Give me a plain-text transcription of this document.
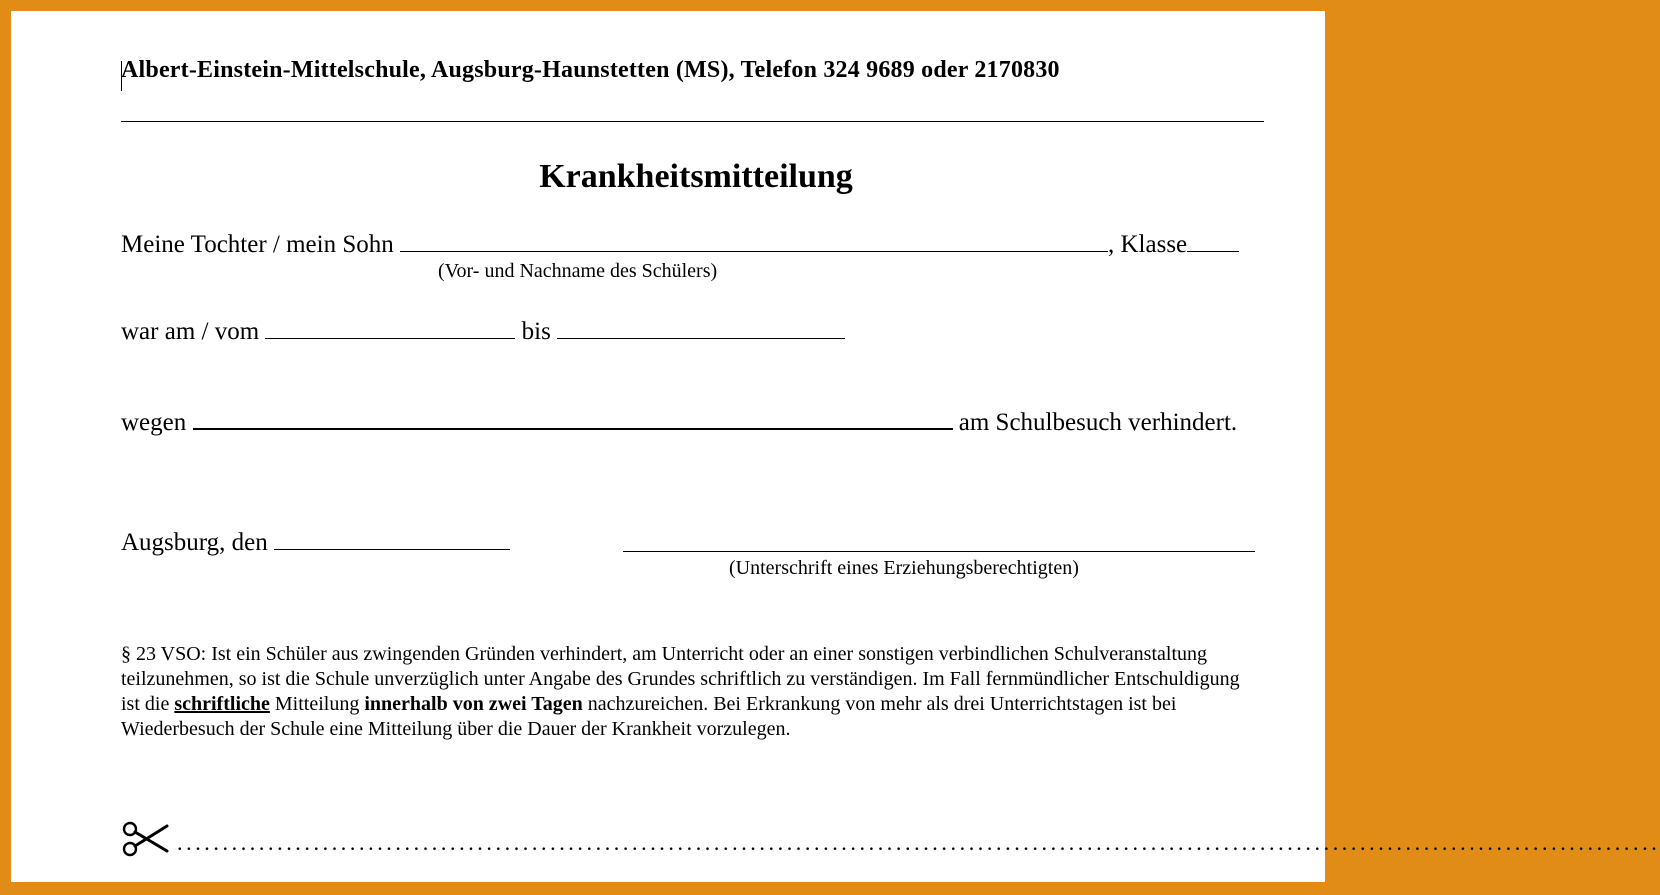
Albert-Einstein-Mittelschule, Augsburg-Haunstetten (MS), Telefon 324 9689 oder 2170830
Krankheitsmitteilung
Meine Tochter / mein Sohn	, Klasse
(Vor- und Nachname des Schülers)
war am / vom	bis
wegen	am Schulbesuch verhindert.
Augsburg, den
(Unterschrift eines Erziehungsberechtigten)
§ 23 VSO: Ist ein Schüler aus zwingenden Gründen verhindert, am Unterricht oder an einer sonstigen verbindlichen Schulveranstaltung teilzunehmen, so ist die Schule unverzüglich unter Angabe des Grundes schriftlich zu verständigen. Im Fall fernmündlicher Entschuldigung ist die schriftliche Mitteilung innerhalb von zwei Tagen nachzureichen. Bei Erkrankung von mehr als drei Unterrichtstagen ist bei Wiederbesuch der Schule eine Mitteilung über die Dauer der Krankheit vorzulegen.
...................................................................................................................................................................
